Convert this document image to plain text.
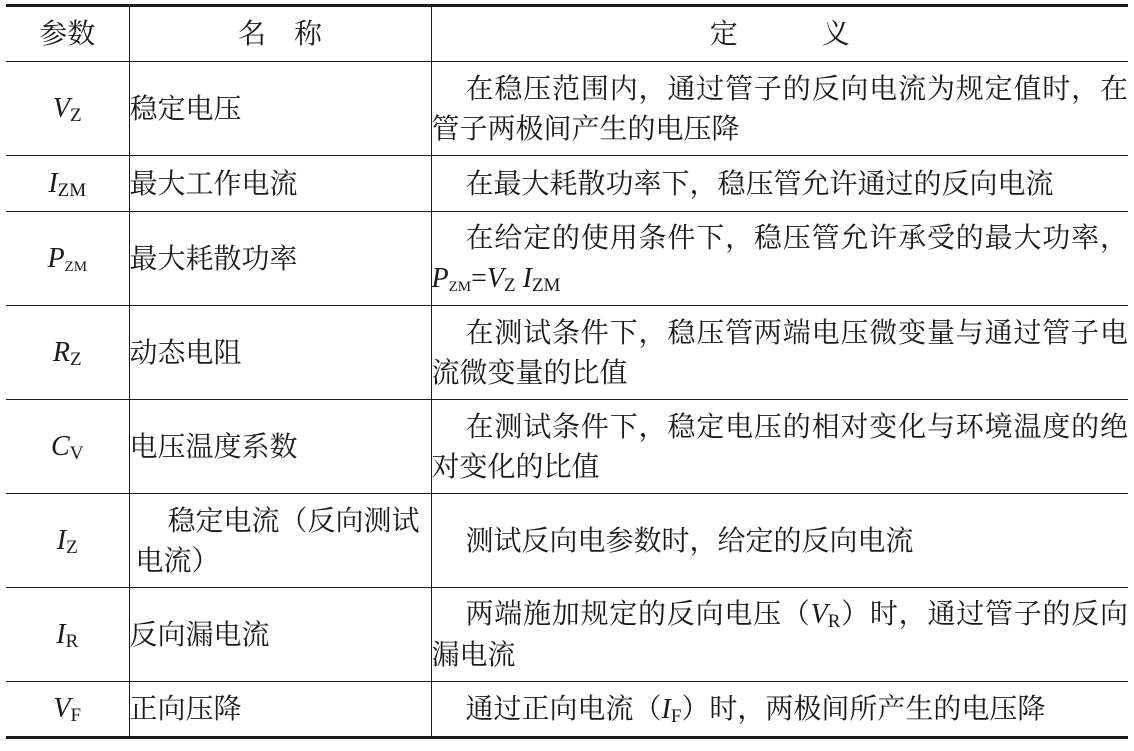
参数	名　称	定　　　义
$V_Z$	稳定电压	在稳压范围内，通过管子的反向电流为规定值时，在管子两极间产生的电压降
$I_{ZM}$	最大工作电流	在最大耗散功率下，稳压管允许通过的反向电流
$P_{ZM}$	最大耗散功率	在给定的使用条件下，稳压管允许承受的最大功率，$P_{ZM}=V_Z$ $I_{ZM}$
$R_Z$	动态电阻	在测试条件下，稳压管两端电压微变量与通过管子电流微变量的比值
$C_V$	电压温度系数	在测试条件下，稳定电压的相对变化与环境温度的绝对变化的比值
$I_Z$	稳定电流（反向测试电流）	测试反向电参数时，给定的反向电流
$I_R$	反向漏电流	两端施加规定的反向电压$(V_R)$时，通过管子的反向漏电流
$V_F$	正向压降	通过正向电流$(I_F)$时，两极间所产生的电压降
